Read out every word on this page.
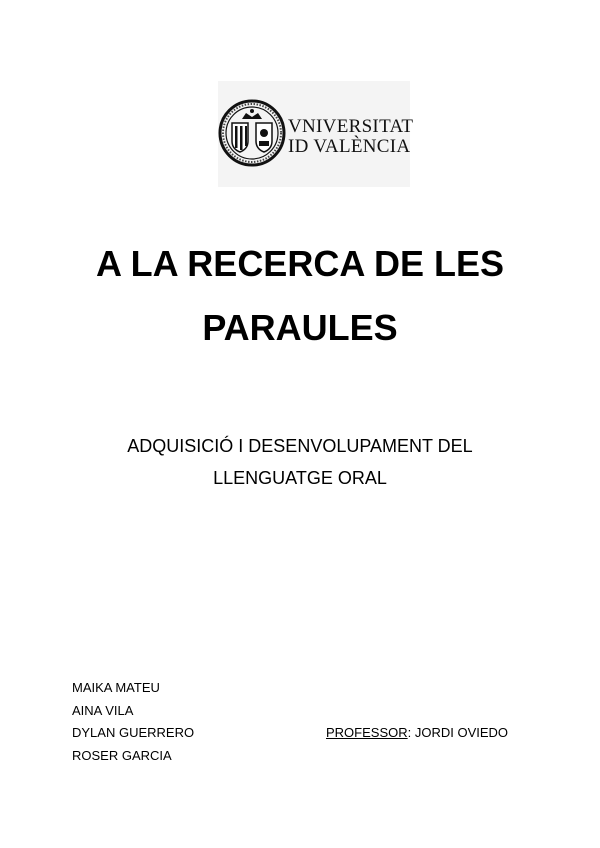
VNIVERSITAT
ID VALÈNCIA
A LA RECERCA DE LES
PARAULES
ADQUISICIÓ I DESENVOLUPAMENT DEL
LLENGUATGE ORAL
MAIKA MATEU
AINA VILA
DYLAN GUERRERO
ROSER GARCIA
PROFESSOR: JORDI OVIEDO
